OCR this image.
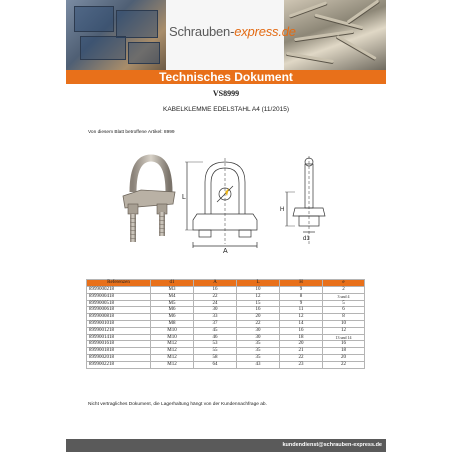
Schrauben-express.de
Technisches Dokument
VS8999
KABELKLEMME EDELSTAHL A4 (11/2015)
Von diesem Blatt betroffene Artikel: 8999
A
L
H
d1
Referenzen	d1	A	L	H	e
8999000218	M3	16	10	9	2
8999000418	M4	22	12	8	3 und 4
8999000518	M5	24	15	9	5
8999000618	M6	30	16	11	6
8999000818	M6	33	20	12	8
8999001018	M8	37	22	14	10
8999001218	M10	45	30	16	12
8999001418	M10	46	30	18	13 und 14
8999001618	M12	53	35	20	16
8999001818	M12	55	35	21	18
8999002018	M12	58	35	22	20
8999002218	M12	64	43	23	22
Nicht vertragliches Dokument, die Lagerhaltung hängt von der Kundennachfrage ab.
kundendienst@schrauben-express.de
